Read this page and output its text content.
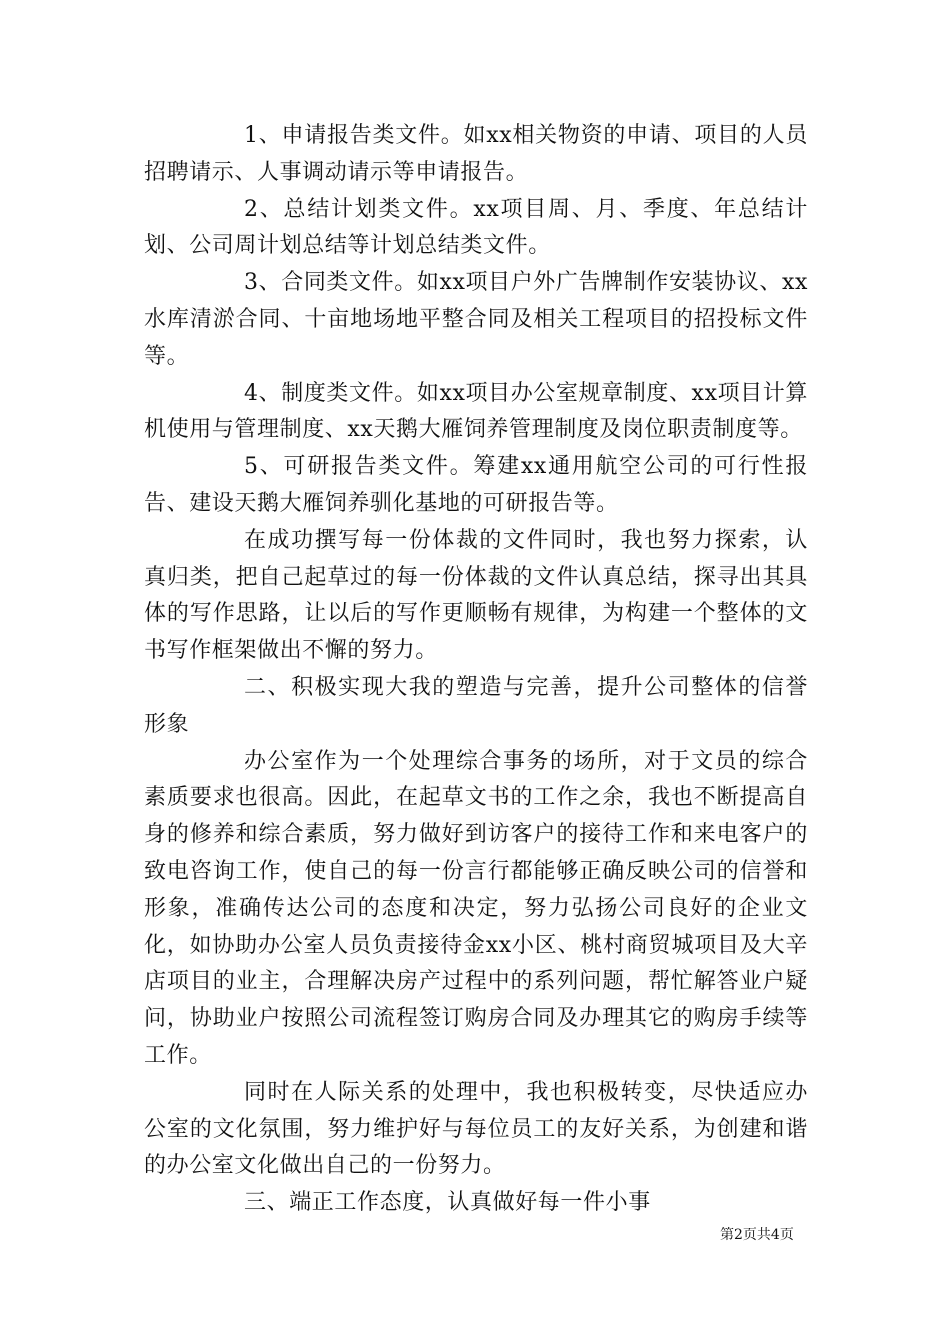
1、申请报告类文件。如xx相关物资的申请、项目的人员招聘请示、人事调动请示等申请报告。

2、总结计划类文件。xx项目周、月、季度、年总结计划、公司周计划总结等计划总结类文件。

3、合同类文件。如xx项目户外广告牌制作安装协议、xx水库清淤合同、十亩地场地平整合同及相关工程项目的招投标文件等。

4、制度类文件。如xx项目办公室规章制度、xx项目计算机使用与管理制度、xx天鹅大雁饲养管理制度及岗位职责制度等。

5、可研报告类文件。筹建xx通用航空公司的可行性报告、建设天鹅大雁饲养驯化基地的可研报告等。

在成功撰写每一份体裁的文件同时，我也努力探索，认真归类，把自己起草过的每一份体裁的文件认真总结，探寻出其具体的写作思路，让以后的写作更顺畅有规律，为构建一个整体的文书写作框架做出不懈的努力。

二、积极实现大我的塑造与完善，提升公司整体的信誉形象

办公室作为一个处理综合事务的场所，对于文员的综合素质要求也很高。因此，在起草文书的工作之余，我也不断提高自身的修养和综合素质，努力做好到访客户的接待工作和来电客户的致电咨询工作，使自己的每一份言行都能够正确反映公司的信誉和形象，准确传达公司的态度和决定，努力弘扬公司良好的企业文化，如协助办公室人员负责接待金xx小区、桃村商贸城项目及大辛店项目的业主，合理解决房产过程中的系列问题，帮忙解答业户疑问，协助业户按照公司流程签订购房合同及办理其它的购房手续等工作。

同时在人际关系的处理中，我也积极转变，尽快适应办公室的文化氛围，努力维护好与每位员工的友好关系，为创建和谐的办公室文化做出自己的一份努力。

三、端正工作态度，认真做好每一件小事

第2页共4页
